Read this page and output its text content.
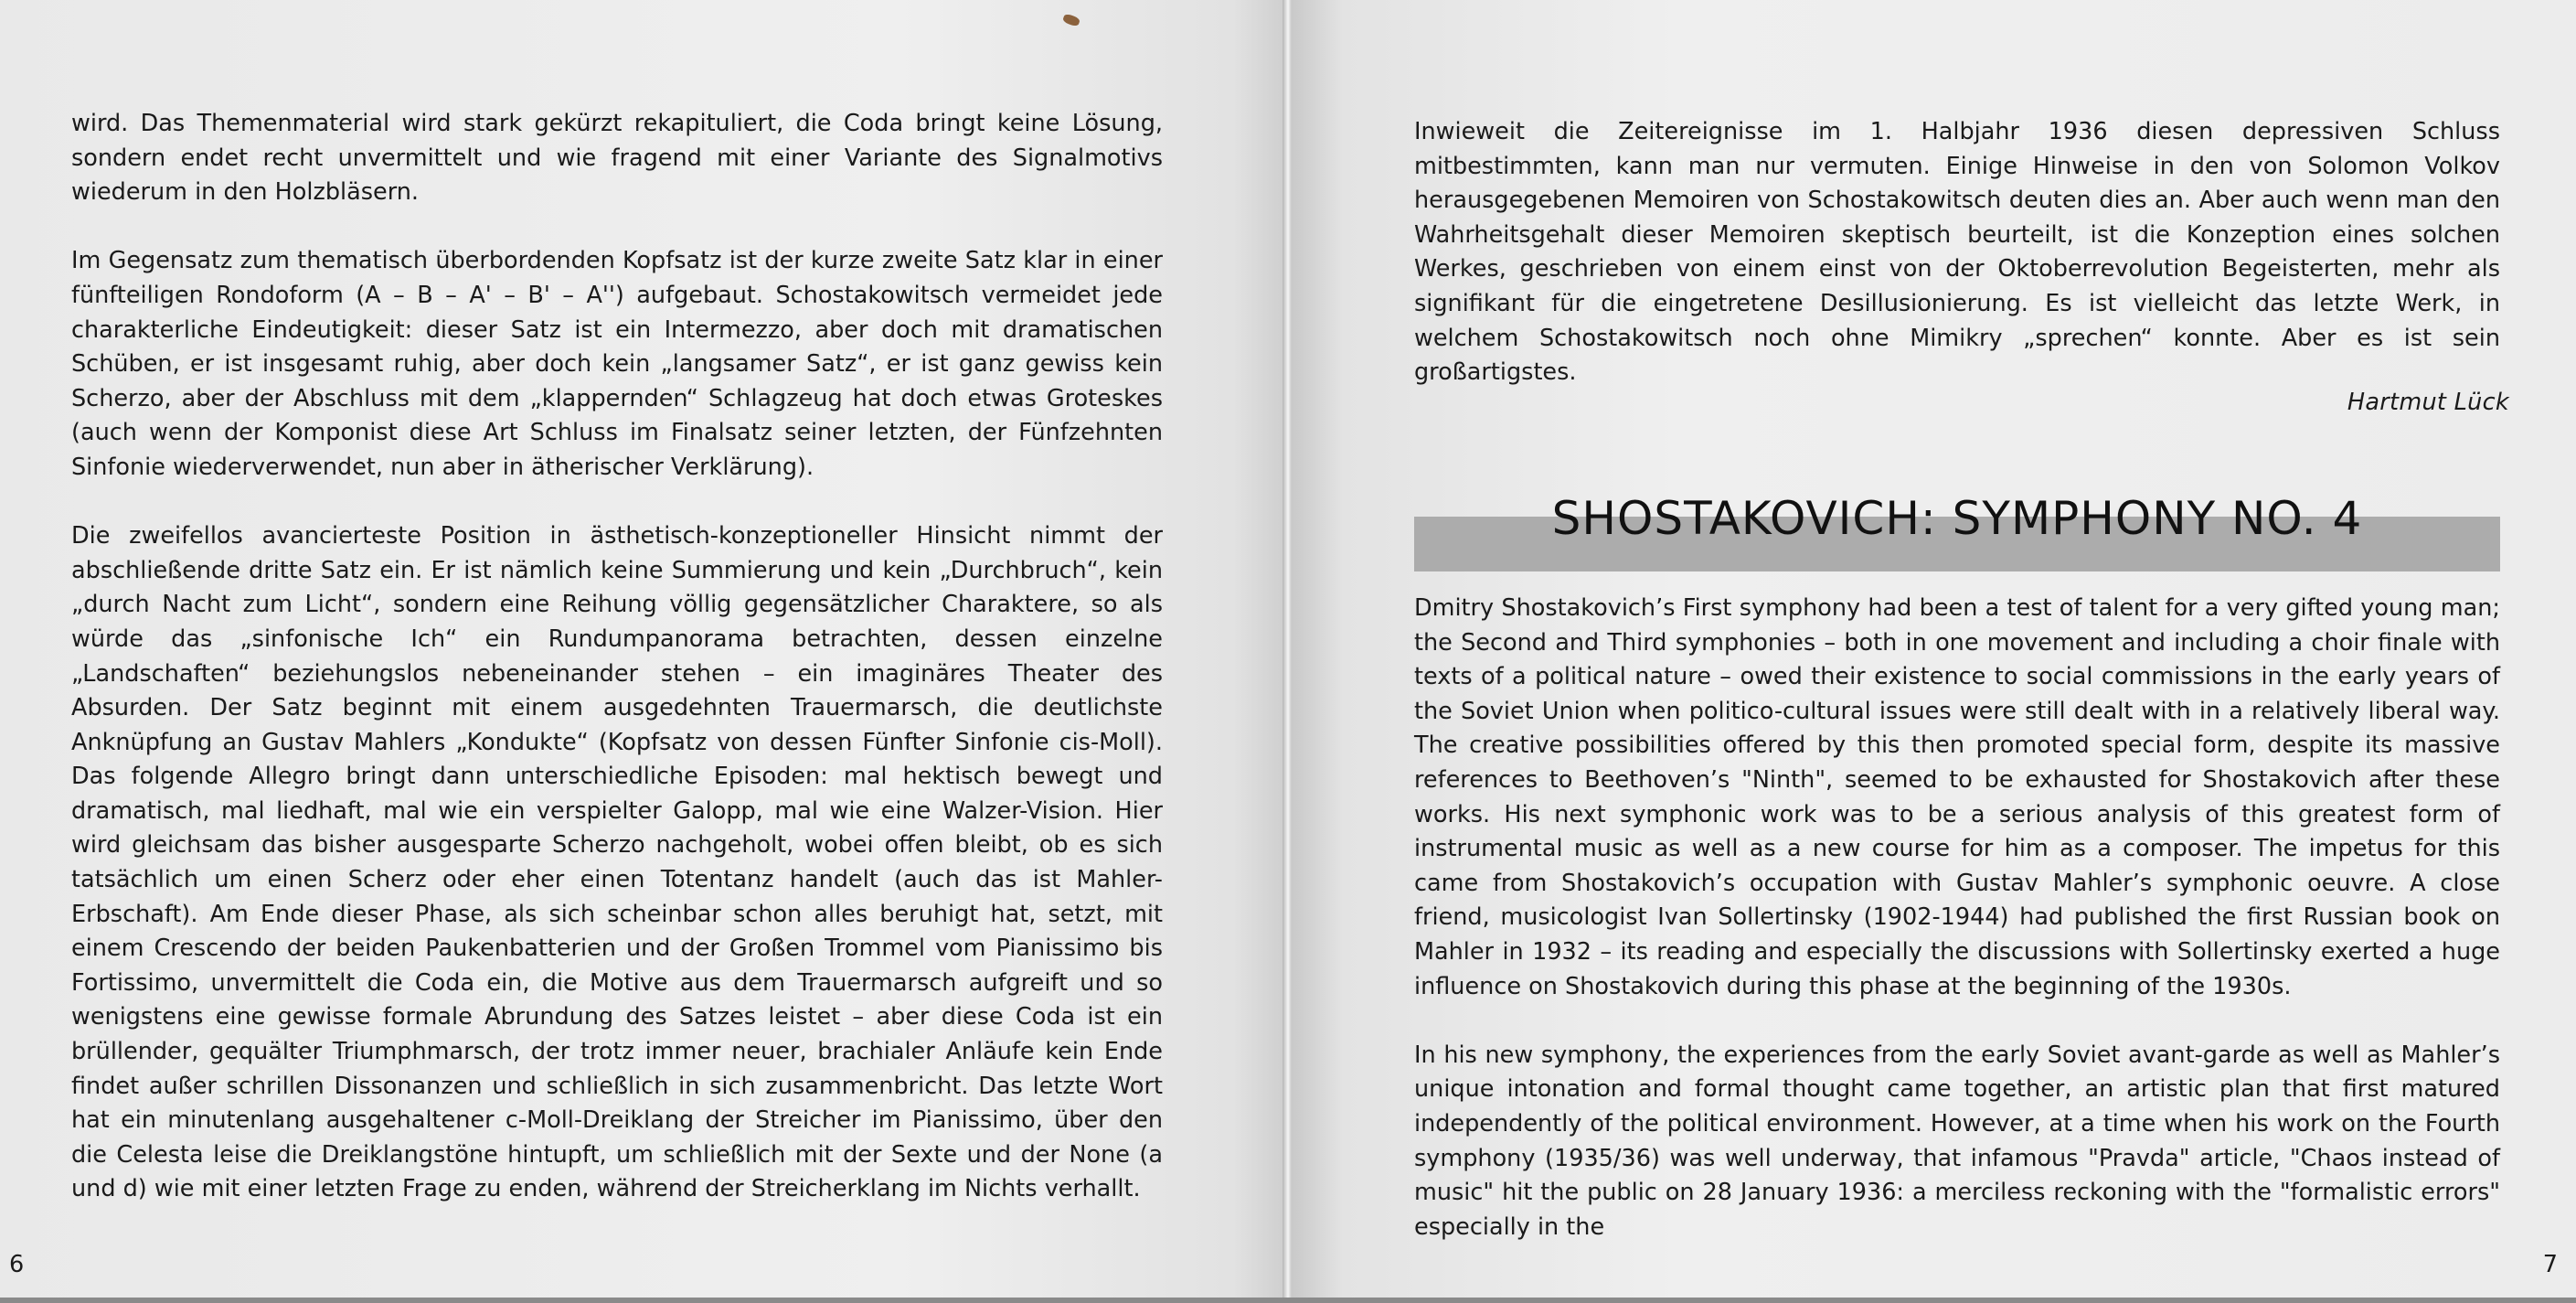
wird. Das Themenmaterial wird stark gekürzt rekapituliert, die Coda bringt keine Lösung, sondern endet recht unvermittelt und wie fragend mit einer Variante des Signalmotivs wiederum in den Holzbläsern.

Im Gegensatz zum thematisch überbordenden Kopfsatz ist der kurze zweite Satz klar in einer fünfteiligen Rondoform (A – B – A' – B' – A'') aufgebaut. Schostakowitsch vermeidet jede charakterliche Eindeutigkeit: dieser Satz ist ein Intermezzo, aber doch mit dramatischen Schüben, er ist insgesamt ruhig, aber doch kein „langsamer Satz“, er ist ganz gewiss kein Scherzo, aber der Abschluss mit dem „klappernden“ Schlagzeug hat doch etwas Groteskes (auch wenn der Komponist diese Art Schluss im Finalsatz seiner letzten, der Fünfzehnten Sinfonie wiederverwendet, nun aber in ätherischer Verklärung).

Die zweifellos avancierteste Position in ästhetisch-konzeptioneller Hinsicht nimmt der abschließende dritte Satz ein. Er ist nämlich keine Summierung und kein „Durchbruch“, kein „durch Nacht zum Licht“, sondern eine Reihung völlig gegensätzlicher Charaktere, so als würde das „sinfonische Ich“ ein Rundumpanorama betrachten, dessen einzelne „Landschaften“ beziehungslos nebeneinander stehen – ein imaginäres Theater des Absurden. Der Satz beginnt mit einem ausgedehnten Trauermarsch, die deutlichste Anknüpfung an Gustav Mahlers „Kondukte“ (Kopfsatz von dessen Fünfter Sinfonie cis-Moll). Das folgende Allegro bringt dann unterschiedliche Episoden: mal hektisch bewegt und dramatisch, mal liedhaft, mal wie ein verspielter Galopp, mal wie eine Walzer-Vision. Hier wird gleichsam das bisher ausgesparte Scherzo nachgeholt, wobei offen bleibt, ob es sich tatsächlich um einen Scherz oder eher einen Totentanz handelt (auch das ist Mahler-Erbschaft). Am Ende dieser Phase, als sich scheinbar schon alles beruhigt hat, setzt, mit einem Crescendo der beiden Paukenbatterien und der Großen Trommel vom Pianissimo bis Fortissimo, unvermittelt die Coda ein, die Motive aus dem Trauermarsch aufgreift und so wenigstens eine gewisse formale Abrundung des Satzes leistet – aber diese Coda ist ein brüllender, gequälter Triumphmarsch, der trotz immer neuer, brachialer Anläufe kein Ende findet außer schrillen Dissonanzen und schließlich in sich zusammenbricht. Das letzte Wort hat ein minutenlang ausgehaltener c-Moll-Dreiklang der Streicher im Pianissimo, über den die Celesta leise die Dreiklangstöne hintupft, um schließlich mit der Sexte und der None (a und d) wie mit einer letzten Frage zu enden, während der Streicherklang im Nichts verhallt.

6

Inwieweit die Zeitereignisse im 1. Halbjahr 1936 diesen depressiven Schluss mitbestimmten, kann man nur vermuten. Einige Hinweise in den von Solomon Volkov herausgegebenen Memoiren von Schostakowitsch deuten dies an. Aber auch wenn man den Wahrheitsgehalt dieser Memoiren skeptisch beurteilt, ist die Konzeption eines solchen Werkes, geschrieben von einem einst von der Oktoberrevolution Begeisterten, mehr als signifikant für die eingetretene Desillusionierung. Es ist vielleicht das letzte Werk, in welchem Schostakowitsch noch ohne Mimikry „sprechen“ konnte. Aber es ist sein großartigstes.

Hartmut Lück
SHOSTAKOVICH: SYMPHONY NO. 4

Dmitry Shostakovich’s First symphony had been a test of talent for a very gifted young man; the Second and Third symphonies – both in one movement and including a choir finale with texts of a political nature – owed their existence to social commissions in the early years of the Soviet Union when politico-cultural issues were still dealt with in a relatively liberal way. The creative possibilities offered by this then promoted special form, despite its massive references to Beethoven’s "Ninth", seemed to be exhausted for Shostakovich after these works. His next symphonic work was to be a serious analysis of this greatest form of instrumental music as well as a new course for him as a composer. The impetus for this came from Shostakovich’s occupation with Gustav Mahler’s symphonic oeuvre. A close friend, musicologist Ivan Sollertinsky (1902-1944) had published the first Russian book on Mahler in 1932 – its reading and especially the discussions with Sollertinsky exerted a huge influence on Shostakovich during this phase at the beginning of the 1930s.

In his new symphony, the experiences from the early Soviet avant-garde as well as Mahler’s unique intonation and formal thought came together, an artistic plan that first matured independently of the political environment. However, at a time when his work on the Fourth symphony (1935/36) was well underway, that infamous "Pravda" article, "Chaos instead of music" hit the public on 28 January 1936: a merciless reckoning with the "formalistic errors" especially in the

7
